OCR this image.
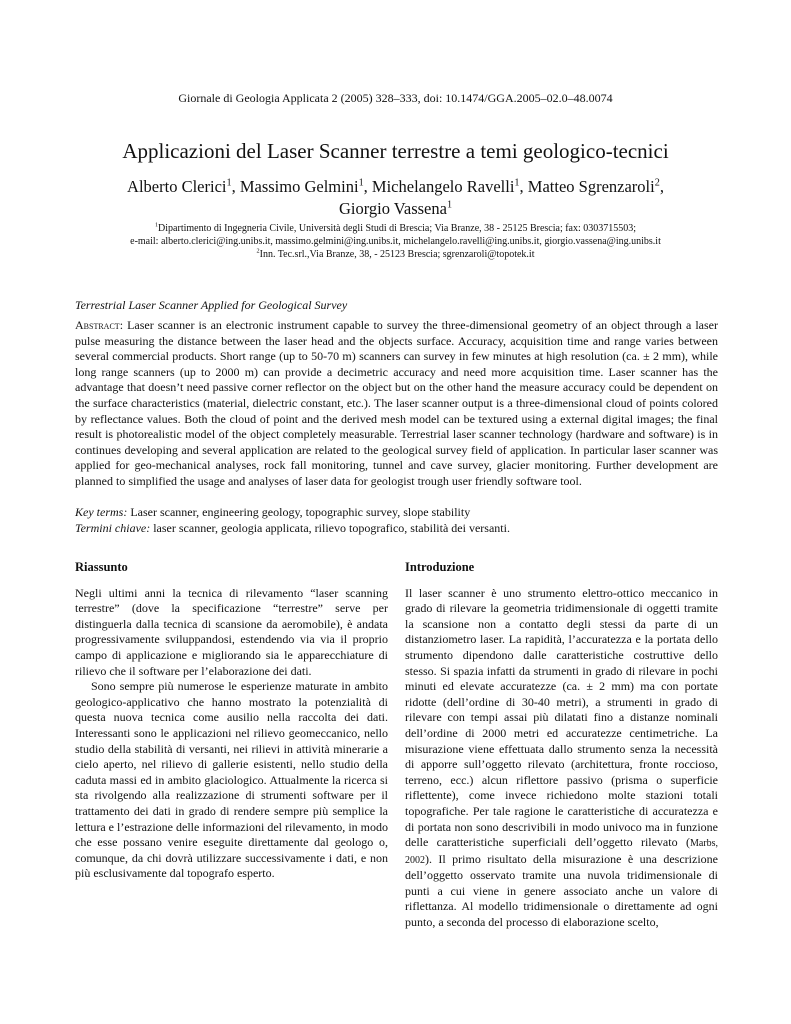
Giornale di Geologia Applicata 2 (2005) 328–333, doi: 10.1474/GGA.2005–02.0–48.0074
Applicazioni del Laser Scanner terrestre a temi geologico-tecnici
Alberto Clerici$^1$, Massimo Gelmini$^1$, Michelangelo Ravelli$^1$, Matteo Sgrenzaroli$^2$,
Giorgio Vassena$^1$
$^1$Dipartimento di Ingegneria Civile, Università degli Studi di Brescia; Via Branze, 38 - 25125 Brescia; fax: 0303715503;
e-mail: alberto.clerici@ing.unibs.it, massimo.gelmini@ing.unibs.it, michelangelo.ravelli@ing.unibs.it, giorgio.vassena@ing.unibs.it
$^2$Inn. Tec.srl.,Via Branze, 38, - 25123 Brescia; sgrenzaroli@topotek.it
Terrestrial Laser Scanner Applied for Geological Survey
Abstract: Laser scanner is an electronic instrument capable to survey the three-dimensional geometry of an object through a laser pulse measuring the distance between the laser head and the objects surface. Accuracy, acquisition time and range varies between several commercial products. Short range (up to 50-70 m) scanners can survey in few minutes at high resolution (ca. ± 2 mm), while long range scanners (up to 2000 m) can provide a decimetric accuracy and need more acquisition time. Laser scanner has the advantage that doesn’t need passive corner reflector on the object but on the other hand the measure accuracy could be dependent on the surface characteristics (material, dielectric constant, etc.). The laser scanner output is a three-dimensional cloud of points colored by reflectance values. Both the cloud of point and the derived mesh model can be textured using a external digital images; the final result is photorealistic model of the object completely measurable. Terrestrial laser scanner technology (hardware and software) is in continues developing and several application are related to the geological survey field of application. In particular laser scanner was applied for geo-mechanical analyses, rock fall monitoring, tunnel and cave survey, glacier monitoring. Further development are planned to simplified the usage and analyses of laser data for geologist trough user friendly software tool.
Key terms: Laser scanner, engineering geology, topographic survey, slope stability
Termini chiave: laser scanner, geologia applicata, rilievo topografico, stabilità dei versanti.
Riassunto

Negli ultimi anni la tecnica di rilevamento “laser scanning terrestre” (dove la specificazione “terrestre” serve per distinguerla dalla tecnica di scansione da aeromobile), è andata progressivamente sviluppandosi, estendendo via via il proprio campo di applicazione e migliorando sia le apparecchiature di rilievo che il software per l’elaborazione dei dati.

Sono sempre più numerose le esperienze maturate in ambito geologico-applicativo che hanno mostrato la potenzialità di questa nuova tecnica come ausilio nella raccolta dei dati. Interessanti sono le applicazioni nel rilievo geomeccanico, nello studio della stabilità di versanti, nei rilievi in attività minerarie a cielo aperto, nel rilievo di gallerie esistenti, nello studio della caduta massi ed in ambito glaciologico. Attualmente la ricerca si sta rivolgendo alla realizzazione di strumenti software per il trattamento dei dati in grado di rendere sempre più semplice la lettura e l’estrazione delle informazioni del rilevamento, in modo che esse possano venire eseguite direttamente dal geologo o, comunque, da chi dovrà utilizzare successivamente i dati, e non più esclusivamente dal topografo esperto.

Introduzione

Il laser scanner è uno strumento elettro-ottico meccanico in grado di rilevare la geometria tridimensionale di oggetti tramite la scansione non a contatto degli stessi da parte di un distanziometro laser. La rapidità, l’accuratezza e la portata dello strumento dipendono dalle caratteristiche costruttive dello stesso. Si spazia infatti da strumenti in grado di rilevare in pochi minuti ed elevate accuratezze (ca. ± 2 mm) ma con portate ridotte (dell’ordine di 30-40 metri), a strumenti in grado di rilevare con tempi assai più dilatati fino a distanze nominali dell’ordine di 2000 metri ed accuratezze centimetriche. La misurazione viene effettuata dallo strumento senza la necessità di apporre sull’oggetto rilevato (architettura, fronte roccioso, terreno, ecc.) alcun riflettore passivo (prisma o superficie riflettente), come invece richiedono molte stazioni totali topografiche. Per tale ragione le caratteristiche di accuratezza e di portata non sono descrivibili in modo univoco ma in funzione delle caratteristiche superficiali dell’oggetto rilevato (Marbs, 2002). Il primo risultato della misurazione è una descrizione dell’oggetto osservato tramite una nuvola tridimensionale di punti a cui viene in genere associato anche un valore di riflettanza. Al modello tridimensionale o direttamente ad ogni punto, a seconda del processo di elaborazione scelto,
